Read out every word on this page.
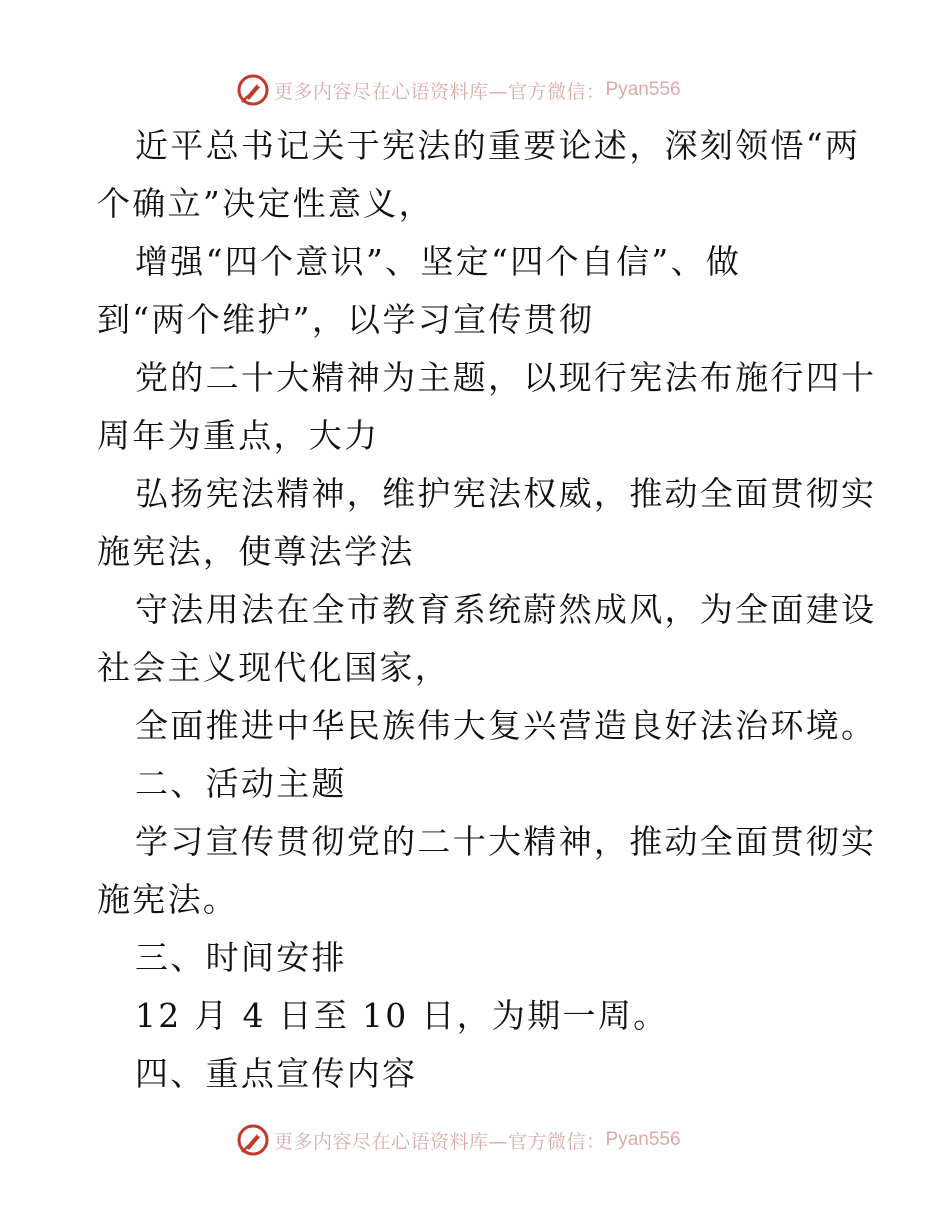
更多内容尽在心语资料库—官方微信： Pyan556
近平总书记关于宪法的重要论述，深刻领悟“两
个确立”决定性意义，
增强“四个意识”、坚定“四个自信”、做
到“两个维护”，以学习宣传贯彻
党的二十大精神为主题，以现行宪法布施行四十
周年为重点，大力
弘扬宪法精神，维护宪法权威，推动全面贯彻实
施宪法，使尊法学法
守法用法在全市教育系统蔚然成风，为全面建设
社会主义现代化国家，
全面推进中华民族伟大复兴营造良好法治环境。
二、活动主题
学习宣传贯彻党的二十大精神，推动全面贯彻实
施宪法。
三、时间安排
12 月 4 日至 10 日，为期一周。
四、重点宣传内容
更多内容尽在心语资料库—官方微信： Pyan556
